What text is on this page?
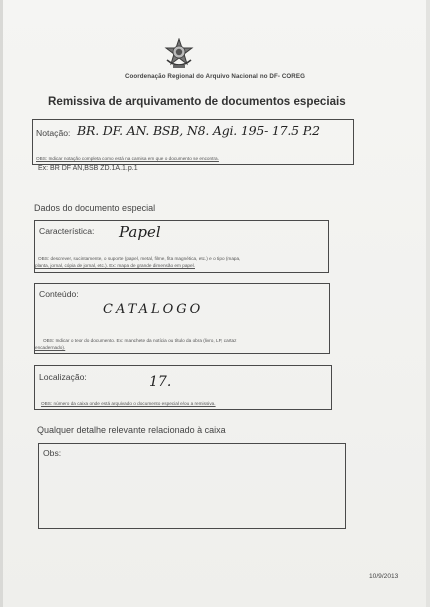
Coordenação Regional do Arquivo Nacional no DF- COREG
Remissiva de arquivamento de documentos especiais
Notação: BR. DF. AN. BSB, N8. Agi. 195- 17.5 P.2
OBS: Indicar notação completa como está na camisa em que o documento se encontra.
Ex: BR DF AN,BSB ZD.1A.1.p.1
Dados do documento especial
Característica: Papel
OBS: descrever, sucintamente, o suporte (papel, metal, filme, fita magnética, etc.) e o tipo (mapa,
planta, jornal, cópia de jornal, etc.). Ex: mapa de grande dimensão em papel.
Conteúdo:
CATALOGO
OBS: Indicar o teor do documento. Ex: manchete da notícia ou título da obra (livro, LP, cartaz
encadernado).
Localização:	17.
OBS: número da caixa onde está arquivado o documento especial e/ou a remissiva.
Qualquer detalhe relevante relacionado à caixa
Obs:
10/9/2013
